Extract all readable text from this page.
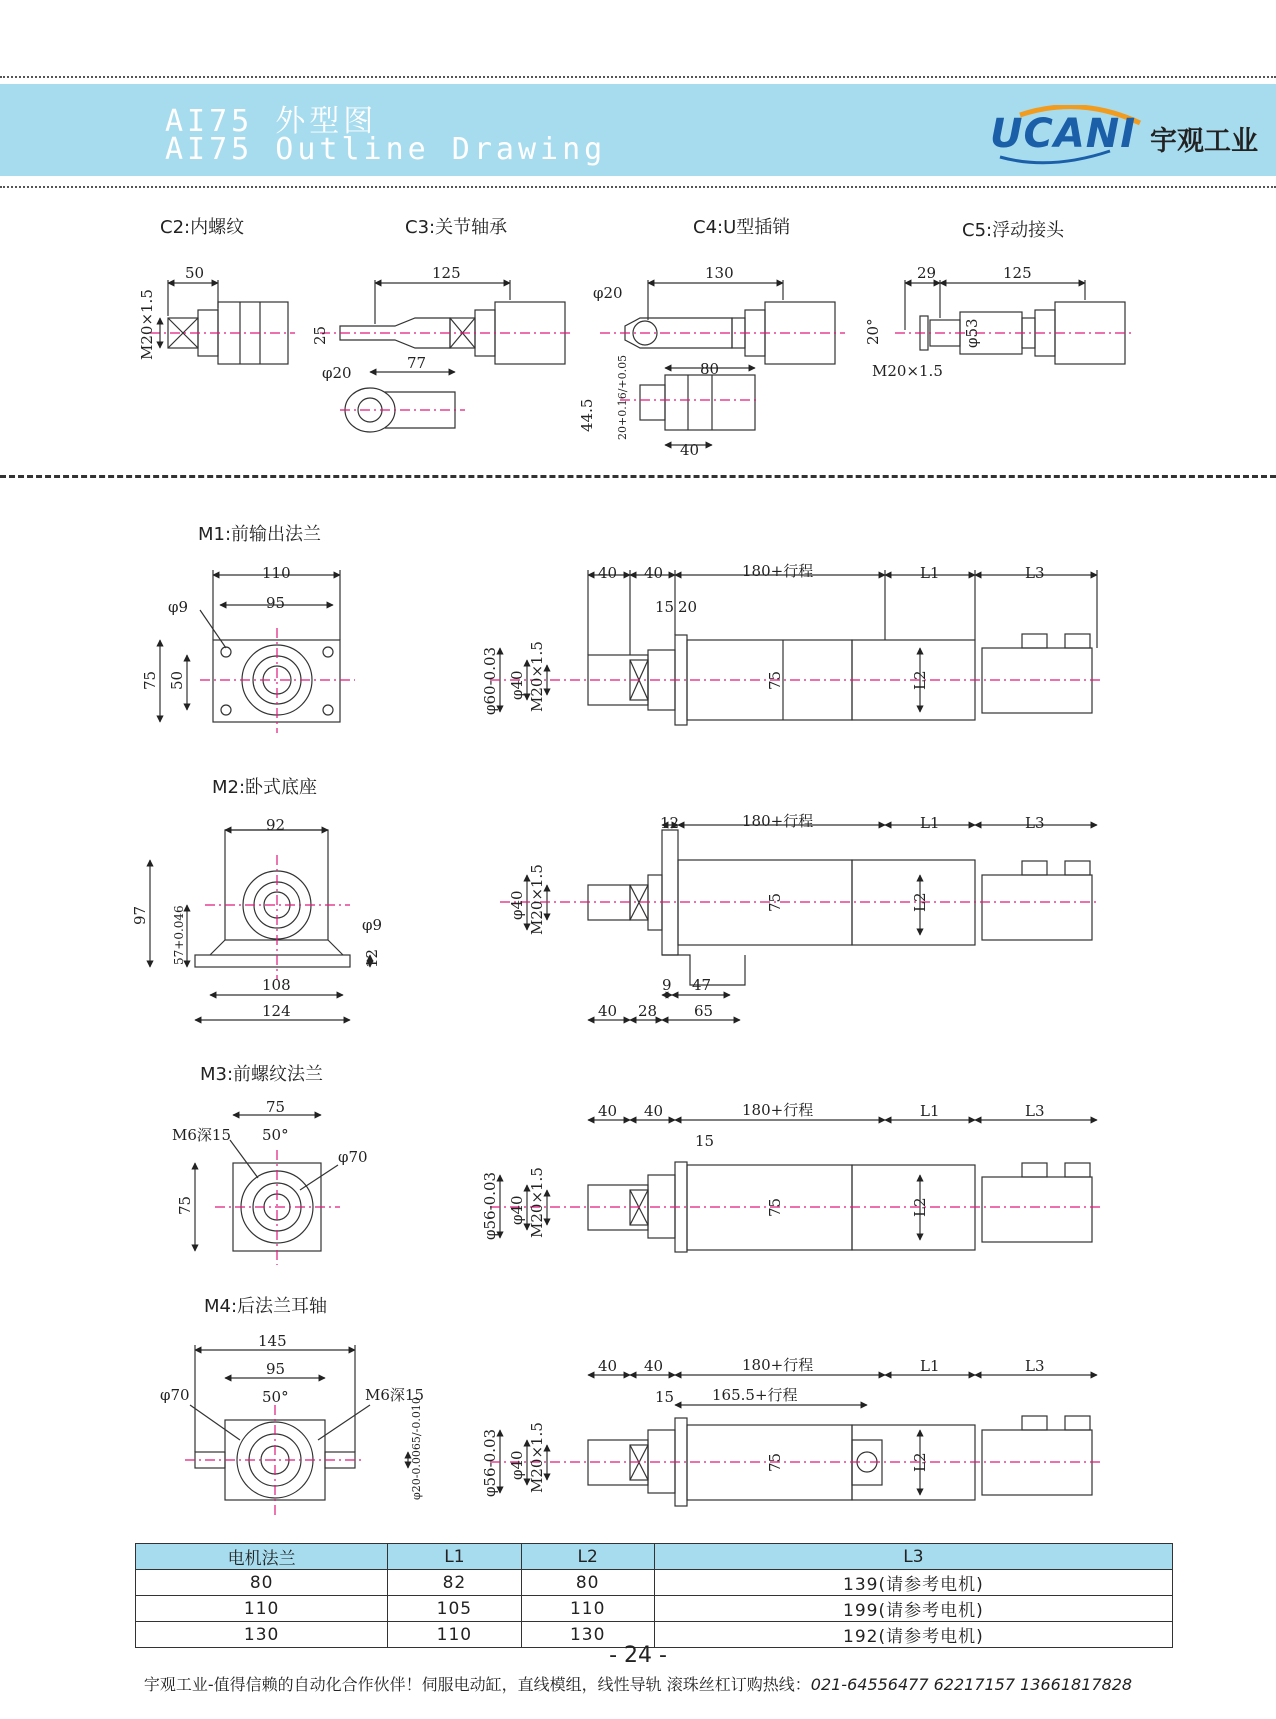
AI75 外型图
AI75 Outline Drawing	UCANI 宇观工业
C2:内螺纹	C3:关节轴承	C4:U型插销	C5:浮动接头
M1:前输出法兰
M2:卧式底座
M3:前螺纹法兰
M4:后法兰耳轴
50
M20×1.5
125
25
77
φ20
130
φ20
80
44.5 20+0.16/+0.05
40
29	125
20°	φ53
M20×1.5
110
95
φ9
50
75
40 40	180+行程	L1	L3
15 20
φ60-0.03 φ40 M20×1.5	75	L2
92
97 57+0.046	φ9
12
108
124
12	180+行程	L1	L3
φ40 M20×1.5	75	L2
9 47
40 28 65
75
M6深15 50°
φ70
75
40 40	180+行程	L1	L3
15
φ56-0.03 φ40 M20×1.5	75	L2
145
95
φ70	50°	M6深15
φ20-0.0065/-0.010
40 40	180+行程	L1	L3
15	165.5+行程
φ56-0.03 φ40 M20×1.5	75	L2
电机法兰	L1	L2	L3
80	82	80	139(请参考电机)
110	105	110	199(请参考电机)
130	110	130	192(请参考电机)
- 24 -
宇观工业-值得信赖的自动化合作伙伴！伺服电动缸，直线模组，线性导轨 滚珠丝杠订购热线：021-64556477 62217157 13661817828
